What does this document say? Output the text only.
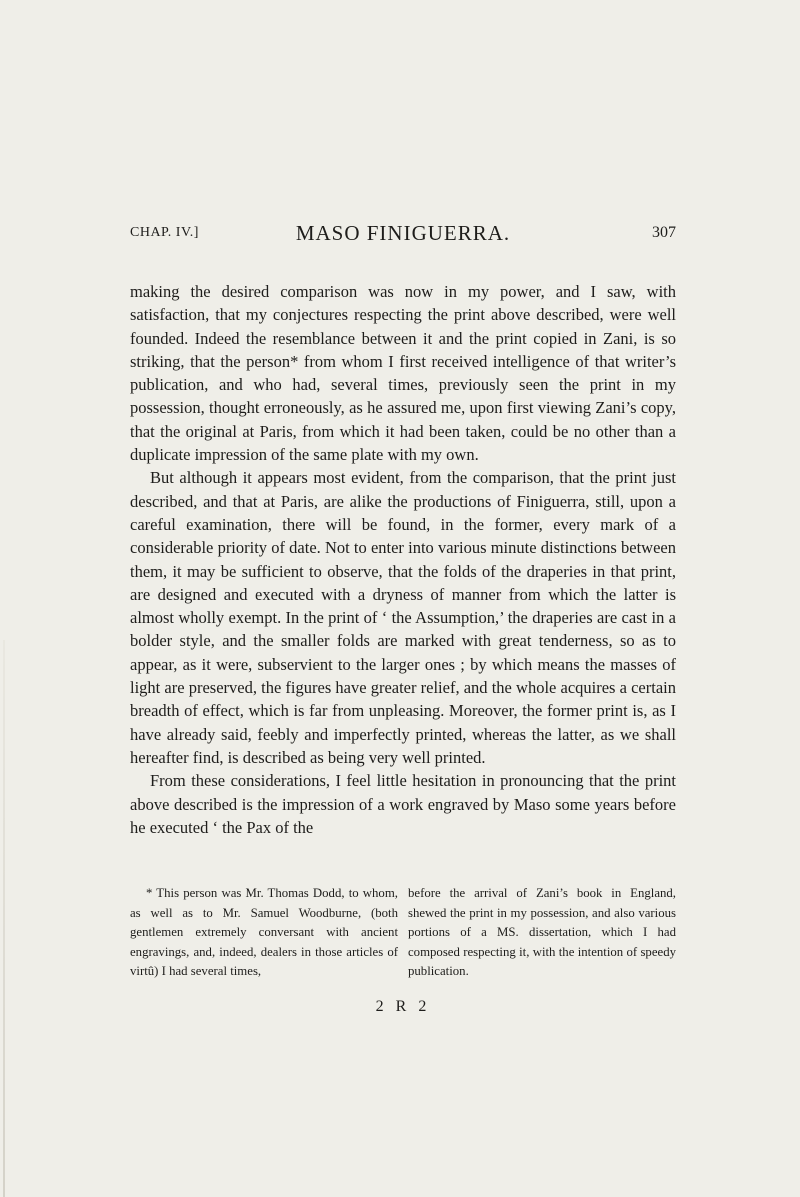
CHAP. IV.]	MASO FINIGUERRA.	307

making the desired comparison was now in my power, and I saw, with satisfaction, that my conjectures respecting the print above described, were well founded. Indeed the resemblance between it and the print copied in Zani, is so striking, that the person* from whom I first received intelligence of that writer’s publication, and who had, several times, previously seen the print in my possession, thought erroneously, as he assured me, upon first viewing Zani’s copy, that the original at Paris, from which it had been taken, could be no other than a duplicate impression of the same plate with my own.

But although it appears most evident, from the comparison, that the print just described, and that at Paris, are alike the productions of Finiguerra, still, upon a careful examination, there will be found, in the former, every mark of a considerable priority of date. Not to enter into various minute distinctions between them, it may be sufficient to observe, that the folds of the draperies in that print, are designed and executed with a dryness of manner from which the latter is almost wholly exempt. In the print of ‘ the Assumption,’ the draperies are cast in a bolder style, and the smaller folds are marked with great tenderness, so as to appear, as it were, subservient to the larger ones ; by which means the masses of light are preserved, the figures have greater relief, and the whole acquires a certain breadth of effect, which is far from unpleasing. Moreover, the former print is, as I have already said, feebly and imperfectly printed, whereas the latter, as we shall hereafter find, is described as being very well printed.

From these considerations, I feel little hesitation in pronouncing that the print above described is the impression of a work engraved by Maso some years before he executed ‘ the Pax of the

* This person was Mr. Thomas Dodd, to whom, as well as to Mr. Samuel Woodburne, (both gentlemen extremely conversant with ancient engravings, and, indeed, dealers in those articles of virtû) I had several times,

before the arrival of Zani’s book in England, shewed the print in my possession, and also various portions of a MS. dissertation, which I had composed respecting it, with the intention of speedy publication.

2 R 2
